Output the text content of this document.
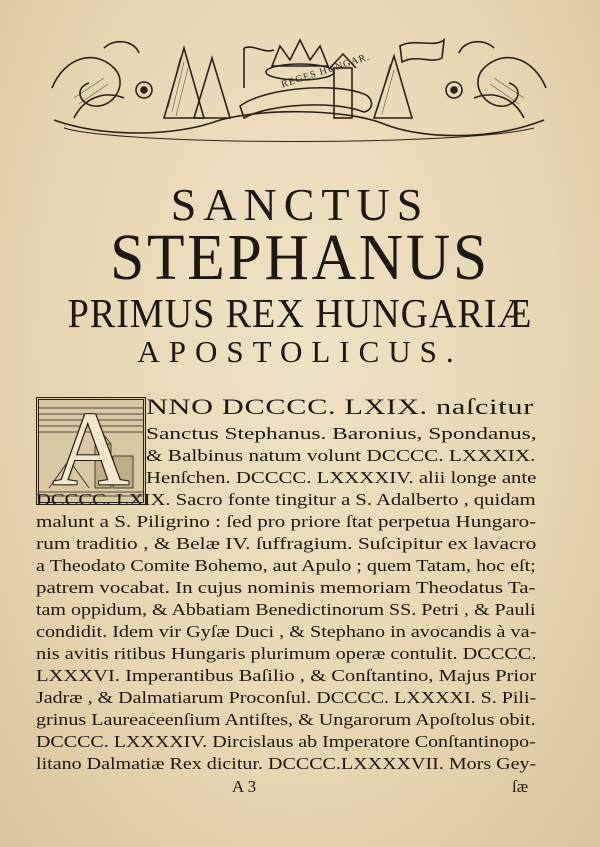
REGES HUNGAR.
SANCTUS
STEPHANUS
PRIMUS REX HUNGARIÆ
APOSTOLICUS.
A NNO DCCCC. LXIX. naſcitur
Sanctus Stephanus. Baronius, Spondanus,
& Balbinus natum volunt DCCCC. LXXXIX.
Henſchen. DCCCC. LXXXXIV. alii longe ante
DCCCC. LXIX. Sacro fonte tingitur a S. Adalberto , quidam
malunt a S. Piligrino : ſed pro priore ſtat perpetua Hungaro-
rum traditio , & Belæ IV. ſuffragium. Suſcipitur ex lavacro
a Theodato Comite Bohemo, aut Apulo ; quem Tatam, hoc eſt;
patrem vocabat. In cujus nominis memoriam Theodatus Ta-
tam oppidum, & Abbatiam Benedictinorum SS. Petri , & Pauli
condidit. Idem vir Gyſæ Duci , & Stephano in avocandis à va-
nis avitis ritibus Hungaris plurimum operæ contulit. DCCCC.
LXXXVI. Imperantibus Baſilio , & Conſtantino, Majus Prior
Jadræ , & Dalmatiarum Proconſul. DCCCC. LXXXXI. S. Pili-
grinus Laureaceenſium Antiſtes, & Ungarorum Apoſtolus obit.
DCCCC. LXXXXIV. Dircislaus ab Imperatore Conſtantinopo-
litano Dalmatiæ Rex dicitur. DCCCC.LXXXXVII. Mors Gey-
A 3	ſæ
